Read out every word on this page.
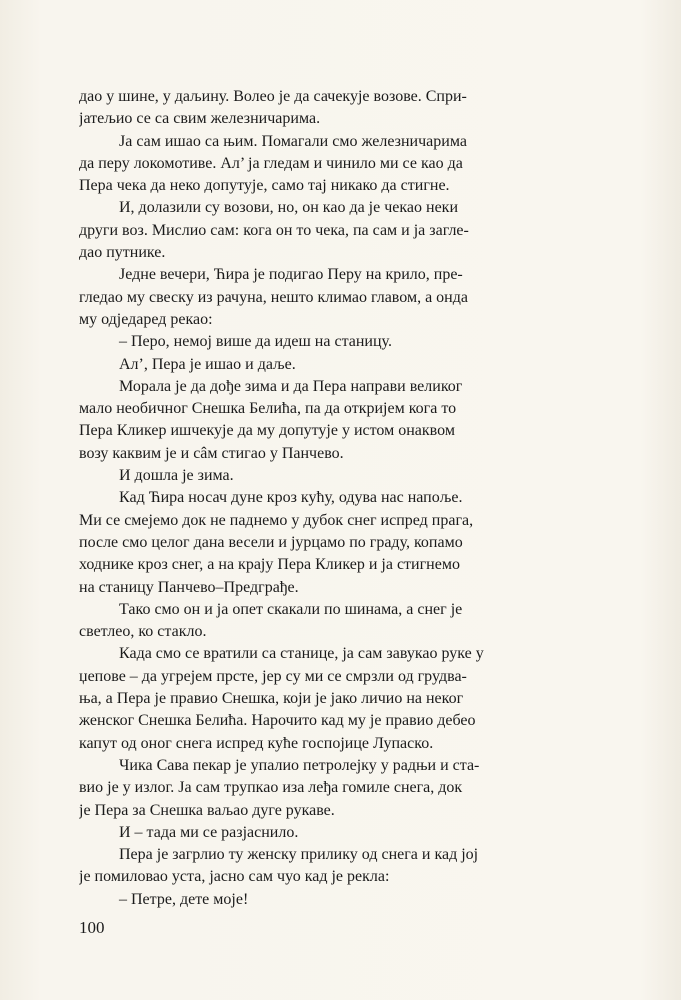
дао у шине, у даљину. Волео је да сачекује возове. Спри-
јатељио се са свим железничарима.
Ја сам ишао са њим. Помагали смо железничарима
да перу локомотиве. Ал’ ја гледам и чинило ми се као да
Пера чека да неко допутује, само тај никако да стигне.
И, долазили су возови, но, он као да је чекао неки
други воз. Мислио сам: кога он то чека, па сам и ја загле-
дао путнике.
Једне вечери, Ћира је подигао Перу на крило, пре-
гледао му свеску из рачуна, нешто климао главом, а онда
му одједаред рекао:
– Перо, немој више да идеш на станицу.
Ал’, Пера је ишао и даље.
Морала је да дође зима и да Пера направи великог
мало необичног Снешка Белића, па да откријем кога то
Пера Кликер ишчекује да му допутује у истом онаквом
возу каквим је и сâм стигао у Панчево.
И дошла је зима.
Кад Ћира носач дуне кроз кућу, одува нас напоље.
Ми се смејемо док не паднемо у дубок снег испред прага,
после смо целог дана весели и јурцамо по граду, копамо
ходнике кроз снег, а на крају Пера Кликер и ја стигнемо
на станицу Панчево–Предграђе.
Тако смо он и ја опет скакали по шинама, а снег је
светлео, ко стакло.
Када смо се вратили са станице, ја сам завукао руке у
џепове – да угрејем прсте, јер су ми се смрзли од грудва-
ња, а Пера је правио Снешка, који је јако личио на неког
женског Снешка Белића. Нарочито кад му је правио дебео
капут од оног снега испред куће госпојице Лупаско.
Чика Сава пекар је упалио петролејку у радњи и ста-
вио је у излог. Ја сам трупкао иза леђа гомиле снега, док
је Пера за Снешка ваљао дуге рукаве.
И – тада ми се разјаснило.
Пера је загрлио ту женску прилику од снега и кад јој
је помиловао уста, јасно сам чуо кад је рекла:
– Петре, дете моје!
100
